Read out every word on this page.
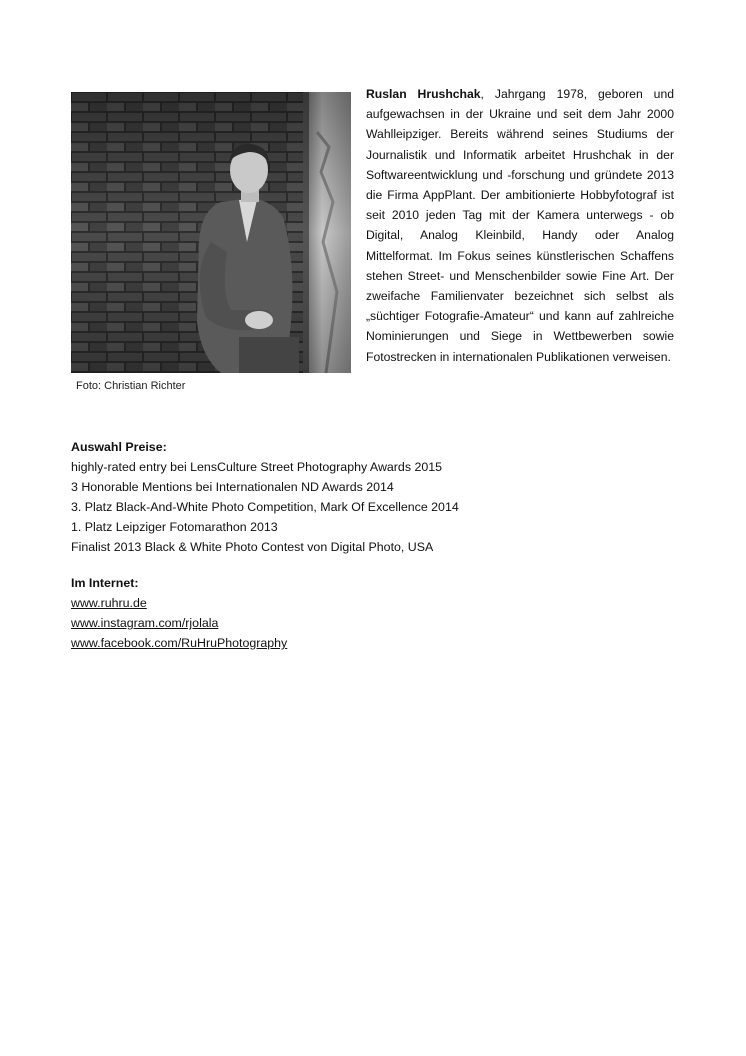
Foto: Christian Richter
Ruslan Hrushchak, Jahrgang 1978, geboren und aufgewachsen in der Ukraine und seit dem Jahr 2000 Wahlleipziger. Bereits während seines Studiums der Journalistik und Informatik arbeitet Hrushchak in der Softwareentwicklung und -forschung und gründete 2013 die Firma AppPlant. Der ambitionierte Hobbyfotograf ist seit 2010 jeden Tag mit der Kamera unterwegs - ob Digital, Analog Kleinbild, Handy oder Analog Mittelformat. Im Fokus seines künstlerischen Schaffens stehen Street- und Menschenbilder sowie Fine Art. Der zweifache Familienvater bezeichnet sich selbst als „süchtiger Fotografie-Amateur“ und kann auf zahlreiche Nominierungen und Siege in Wettbewerben sowie Fotostrecken in internationalen Publikationen verweisen.
Auswahl Preise:
highly-rated entry bei LensCulture Street Photography Awards 2015
3 Honorable Mentions bei Internationalen ND Awards 2014
3. Platz Black-And-White Photo Competition, Mark Of Excellence 2014
1. Platz Leipziger Fotomarathon 2013
Finalist 2013 Black & White Photo Contest von Digital Photo, USA
Im Internet:
www.ruhru.de
www.instagram.com/rjolala
www.facebook.com/RuHruPhotography
